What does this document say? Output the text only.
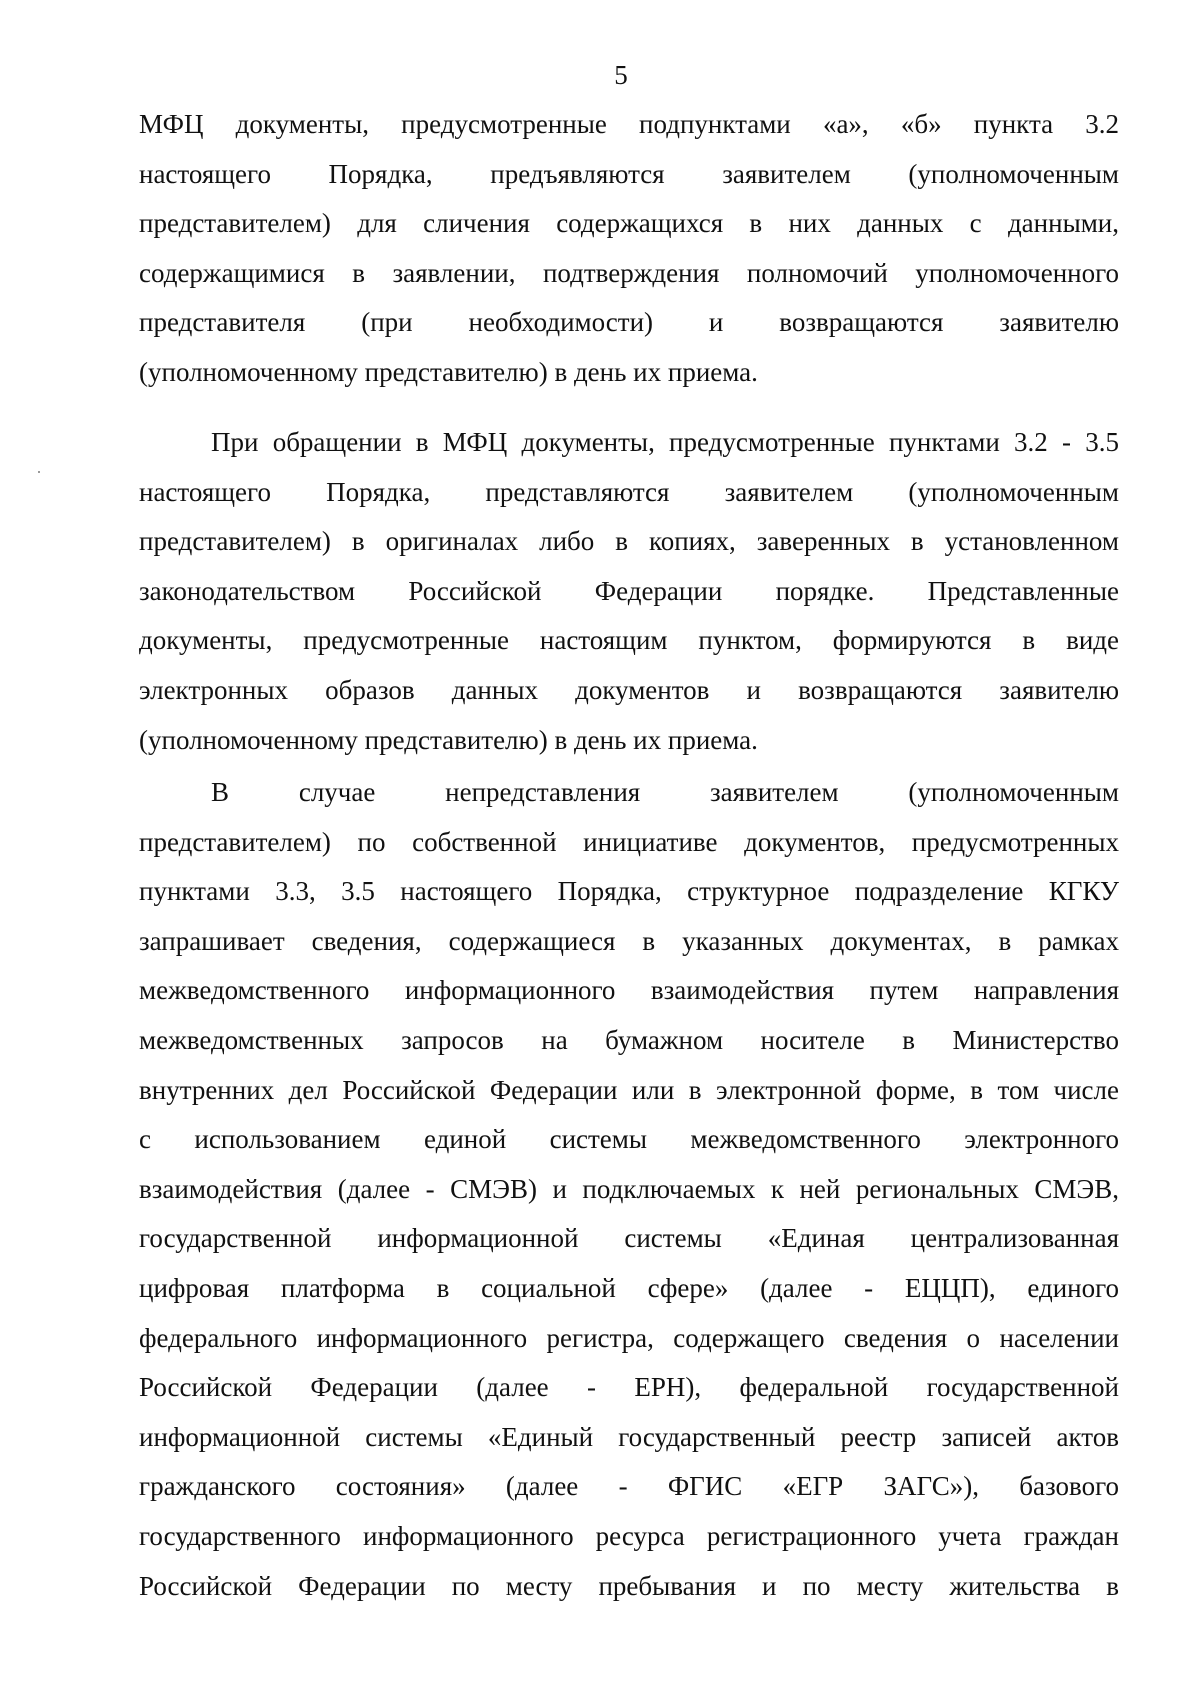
5
МФЦ документы, предусмотренные подпунктами «а», «б» пункта 3.2
настоящего Порядка, предъявляются заявителем (уполномоченным
представителем) для сличения содержащихся в них данных с данными,
содержащимися в заявлении, подтверждения полномочий уполномоченного
представителя (при необходимости) и возвращаются заявителю
(уполномоченному представителю) в день их приема.
При обращении в МФЦ документы, предусмотренные пунктами 3.2 - 3.5
настоящего Порядка, представляются заявителем (уполномоченным
представителем) в оригиналах либо в копиях, заверенных в установленном
законодательством Российской Федерации порядке. Представленные
документы, предусмотренные настоящим пунктом, формируются в виде
электронных образов данных документов и возвращаются заявителю
(уполномоченному представителю) в день их приема.
В случае непредставления заявителем (уполномоченным
представителем) по собственной инициативе документов, предусмотренных
пунктами 3.3, 3.5 настоящего Порядка, структурное подразделение КГКУ
запрашивает сведения, содержащиеся в указанных документах, в рамках
межведомственного информационного взаимодействия путем направления
межведомственных запросов на бумажном носителе в Министерство
внутренних дел Российской Федерации или в электронной форме, в том числе
с использованием единой системы межведомственного электронного
взаимодействия (далее - СМЭВ) и подключаемых к ней региональных СМЭВ,
государственной информационной системы «Единая централизованная
цифровая платформа в социальной сфере» (далее - ЕЦЦП), единого
федерального информационного регистра, содержащего сведения о населении
Российской Федерации (далее - ЕРН), федеральной государственной
информационной системы «Единый государственный реестр записей актов
гражданского состояния» (далее - ФГИС «ЕГР ЗАГС»), базового
государственного информационного ресурса регистрационного учета граждан
Российской Федерации по месту пребывания и по месту жительства в
